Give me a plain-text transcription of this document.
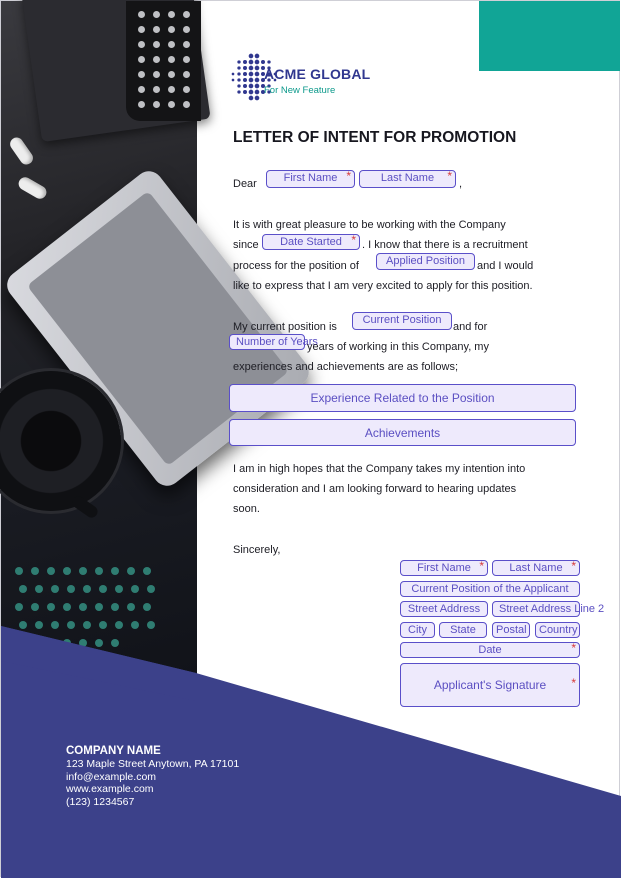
ACME GLOBAL
For New Feature
LETTER OF INTENT FOR PROMOTION
Dear	First Name *	Last Name *	,
It is with great pleasure to be working with the Company
since	Date Started *	. I know that there is a recruitment
process for the position of	Applied Position	and I would
like to express that I am very excited to apply for this position.
My current position is
Current Position
and for
Number of Years
years of working in this Company, my
experiences and achievements are as follows;
Experience Related to the Position
Achievements
I am in high hopes that the Company takes my intention into
consideration and I am looking forward to hearing updates
soon.
Sincerely,
First Name *	Last Name *
Current Position of the Applicant
Street Address	Street Address Line 2
City	State	Postal	Country
Date *
Applicant's Signature *
COMPANY NAME
123 Maple Street Anytown, PA 17101
info@example.com
www.example.com
(123) 1234567
